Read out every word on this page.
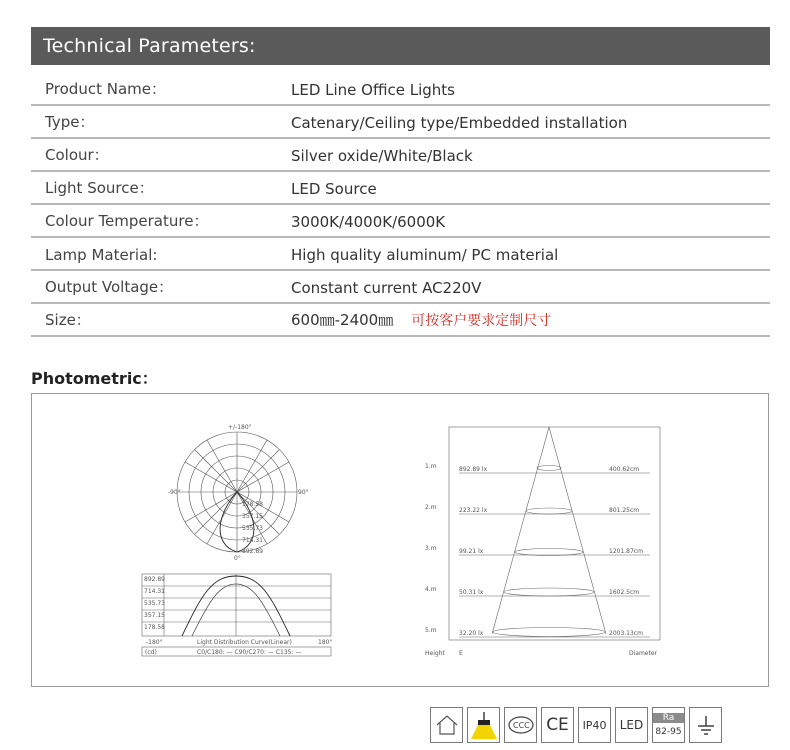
Technical Parameters:
Product Name：	LED Line Office Lights
Type：	Catenary/Ceiling type/Embedded installation
Colour：	Silver oxide/White/Black
Light Source：	LED Source
Colour Temperature：	3000K/4000K/6000K
Lamp Material:	High quality aluminum/ PC material
Output Voltage：	Constant current AC220V
Size：	600㎜-2400㎜ 可按客户要求定制尺寸
Photometric：
+/-180°
-90°	90°
0°
178.58
357.15
535.73
714.31
892.89
892.89
714.31
535.73
357.15
178.58
-180°	180°
Light Distribution Curve(Linear)
(cd)	C0/C180: — C90/C270: — C135: —
1.m	892.89 lx	400.62cm
2.m	223.22 lx	801.25cm
3.m	99.21 lx	1201.87cm
4.m	50.31 lx	1602.5cm
5.m	32.20 lx	2003.13cm
Height E	Diameter
CCC CE IP40 LED	Ra
82-95
